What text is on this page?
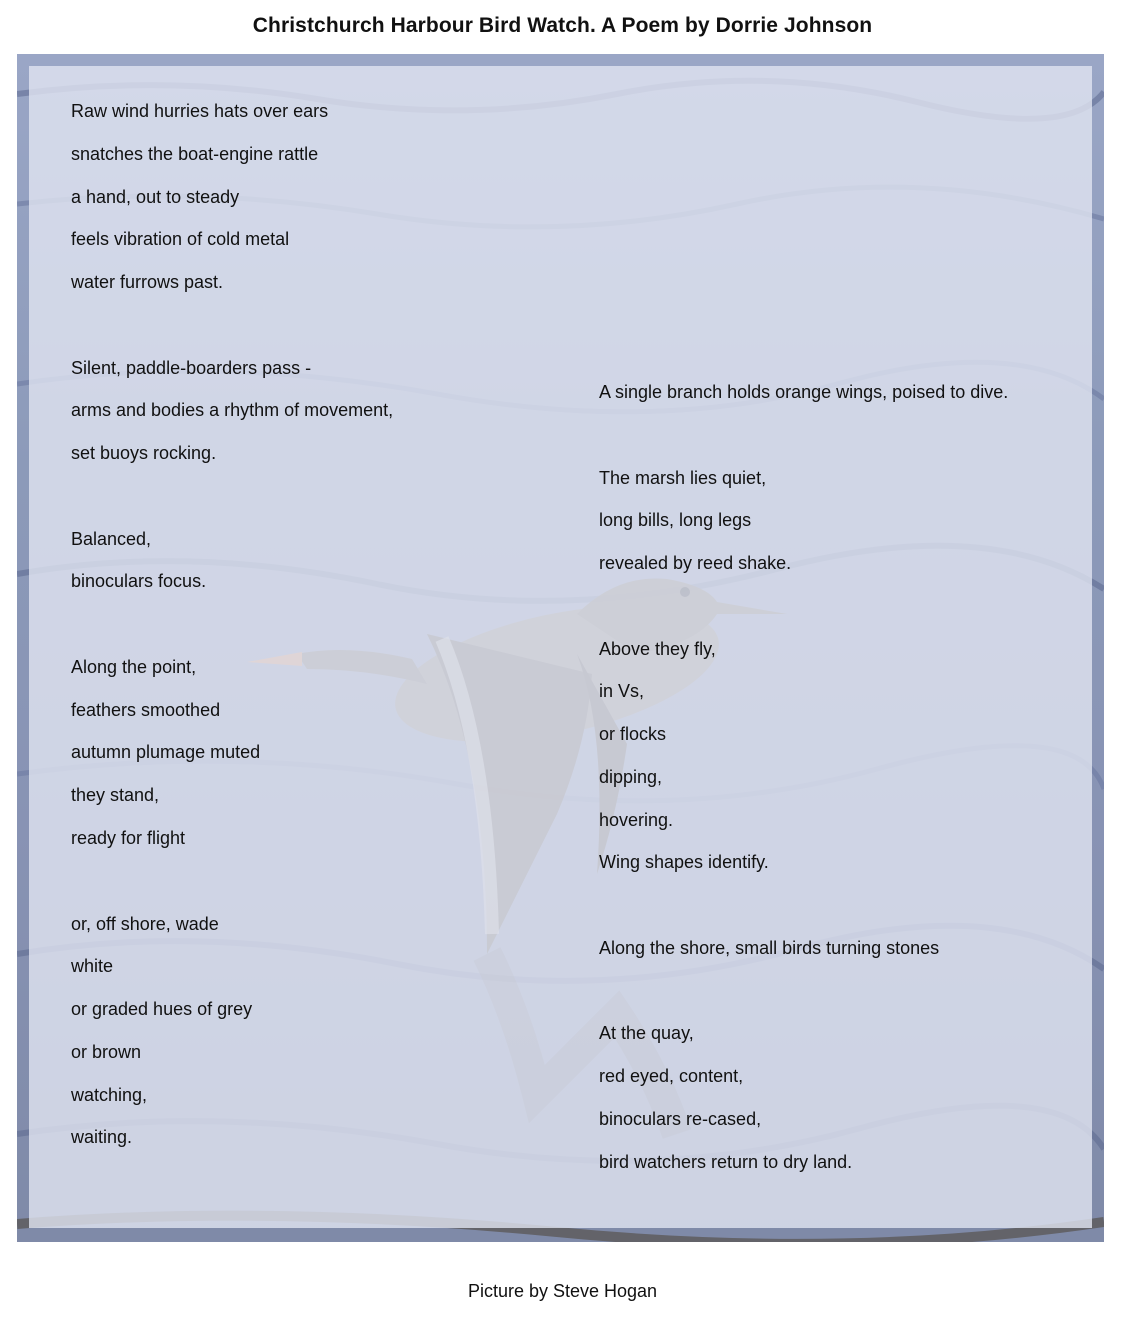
Christchurch Harbour Bird Watch. A Poem by Dorrie Johnson
Raw wind hurries hats over ears
snatches the boat-engine rattle
a hand, out to steady
feels vibration of cold metal
water furrows past.
Silent, paddle-boarders pass -
arms and bodies a rhythm of movement,
set buoys rocking.
Balanced,
binoculars focus.
Along the point,
feathers smoothed
autumn plumage muted
they stand,
ready for flight
or, off shore, wade
white
or graded hues of grey
or brown
watching,
waiting.
A single branch holds orange wings, poised to dive.
The marsh lies quiet,
long bills, long legs
revealed by reed shake.
Above they fly,
in Vs,
or flocks
dipping,
hovering.
Wing shapes identify.
Along the shore, small birds turning stones
At the quay,
red eyed, content,
binoculars re-cased,
bird watchers return to dry land.
Picture by Steve Hogan
